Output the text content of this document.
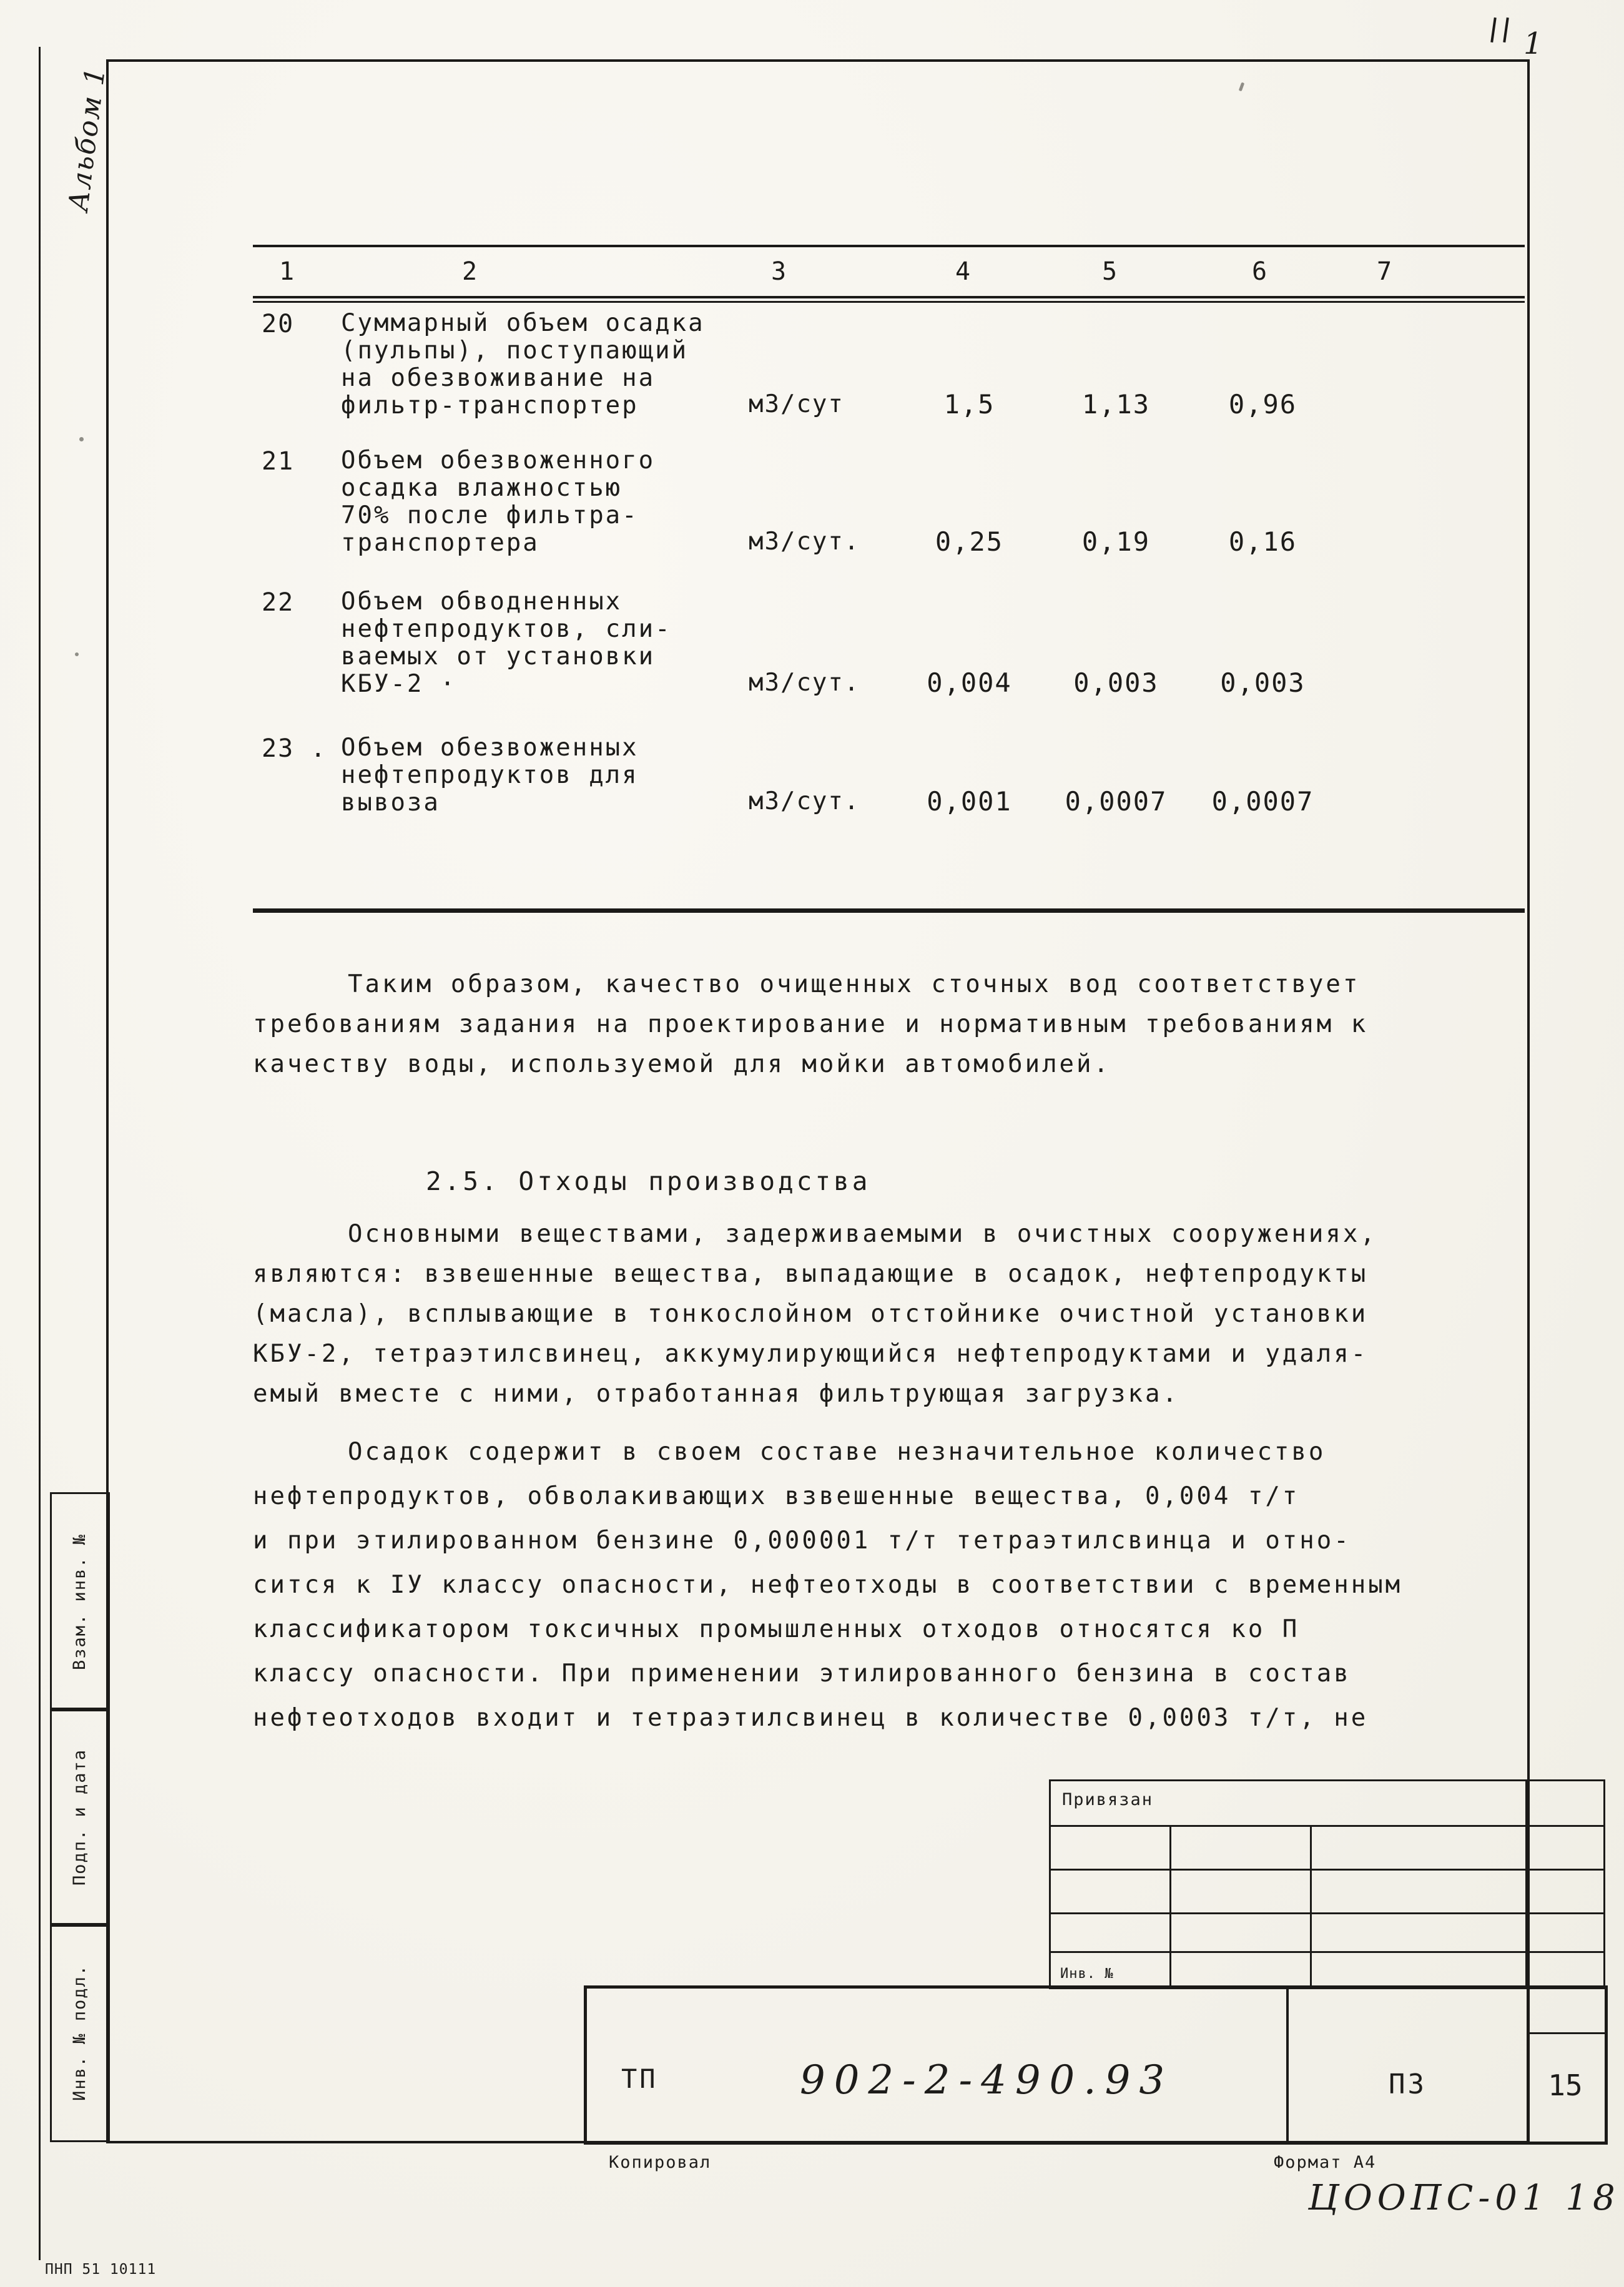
1
Альбом 1
1	2	3	4	5	6	7
20	Суммарный объем осадка
(пульпы), поступающий
на обезвоживание на
фильтр-транспортер	м3/сут	1,5	1,13	0,96
21	Объем обезвоженного
осадка влажностью
70% после фильтра-
транспортера	м3/сут.	0,25	0,19	0,16
22	Объем обводненных
нефтепродуктов, сли-
ваемых от установки
КБУ-2 ·	м3/сут.	0,004	0,003	0,003
23 . Объем обезвоженных
нефтепродуктов для
вывоза	м3/сут.	0,001	0,0007	0,0007
Таким образом, качество очищенных сточных вод соответствует
требованиям задания на проектирование и нормативным требованиям к
качеству воды, используемой для мойки автомобилей.
2.5. Отходы производства
Основными веществами, задерживаемыми в очистных сооружениях,
являются: взвешенные вещества, выпадающие в осадок, нефтепродукты
(масла), всплывающие в тонкослойном отстойнике очистной установки
КБУ-2, тетраэтилсвинец, аккумулирующийся нефтепродуктами и удаля-
емый вместе с ними, отработанная фильтрующая загрузка.
Осадок содержит в своем составе незначительное количество
нефтепродуктов, обволакивающих взвешенные вещества, 0,004 т/т
и при этилированном бензине 0,000001 т/т тетраэтилсвинца и отно-
сится к IУ классу опасности, нефтеотходы в соответствии с временным
классификатором токсичных промышленных отходов относятся ко П
классу опасности. При применении этилированного бензина в состав
нефтеотходов входит и тетраэтилсвинец в количестве 0,0003 т/т, не
Взам. инв. №
Подп. и дата
Инв. № подл.
Привязан
Инв. №
ТП	902-2-490.93	ПЗ	15
Копировал	Формат А4
ЦООПС-01 18
ПНП 51 10111
